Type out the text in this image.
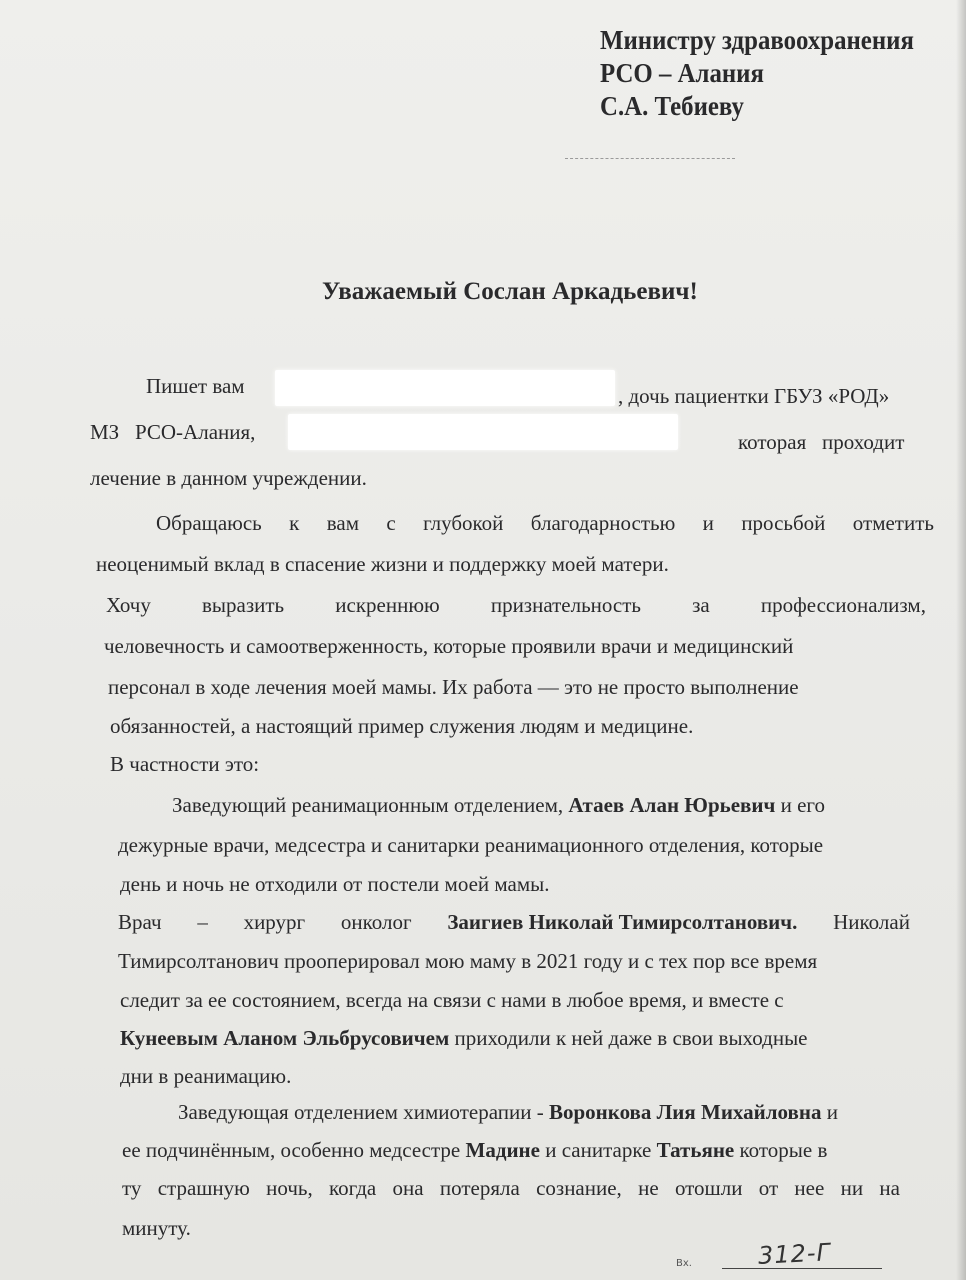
Министру здравоохранения
РСО – Алания
С.А. Тебиеву
Уважаемый Сослан Аркадьевич!
Пишет вам	, дочь пациентки ГБУЗ «РОД»
МЗ РСО-Алания,	которая проходит
лечение в данном учреждении.
Обращаюсь к вам с глубокой благодарностью и просьбой отметить
неоценимый вклад в спасение жизни и поддержку моей матери.
Хочу выразить искреннюю признательность за профессионализм,
человечность и самоотверженность, которые проявили врачи и медицинский
персонал в ходе лечения моей мамы. Их работа — это не просто выполнение
обязанностей, а настоящий пример служения людям и медицине.
В частности это:
Заведующий реанимационным отделением, Атаев Алан Юрьевич и его
дежурные врачи, медсестра и санитарки реанимационного отделения, которые
день и ночь не отходили от постели моей мамы.
Врач – хирург онколог Заигиев Николай Тимирсолтанович. Николай
Тимирсолтанович прооперировал мою маму в 2021 году и с тех пор все время
следит за ее состоянием, всегда на связи с нами в любое время, и вместе с
Кунеевым Аланом Эльбрусовичем приходили к ней даже в свои выходные
дни в реанимацию.
Заведующая отделением химиотерапии - Воронкова Лия Михайловна и
ее подчинённым, особенно медсестре Мадине и санитарке Татьяне которые в
ту страшную ночь, когда она потеряла сознание, не отошли от нее ни на
минуту.
Вх.	312-Г
